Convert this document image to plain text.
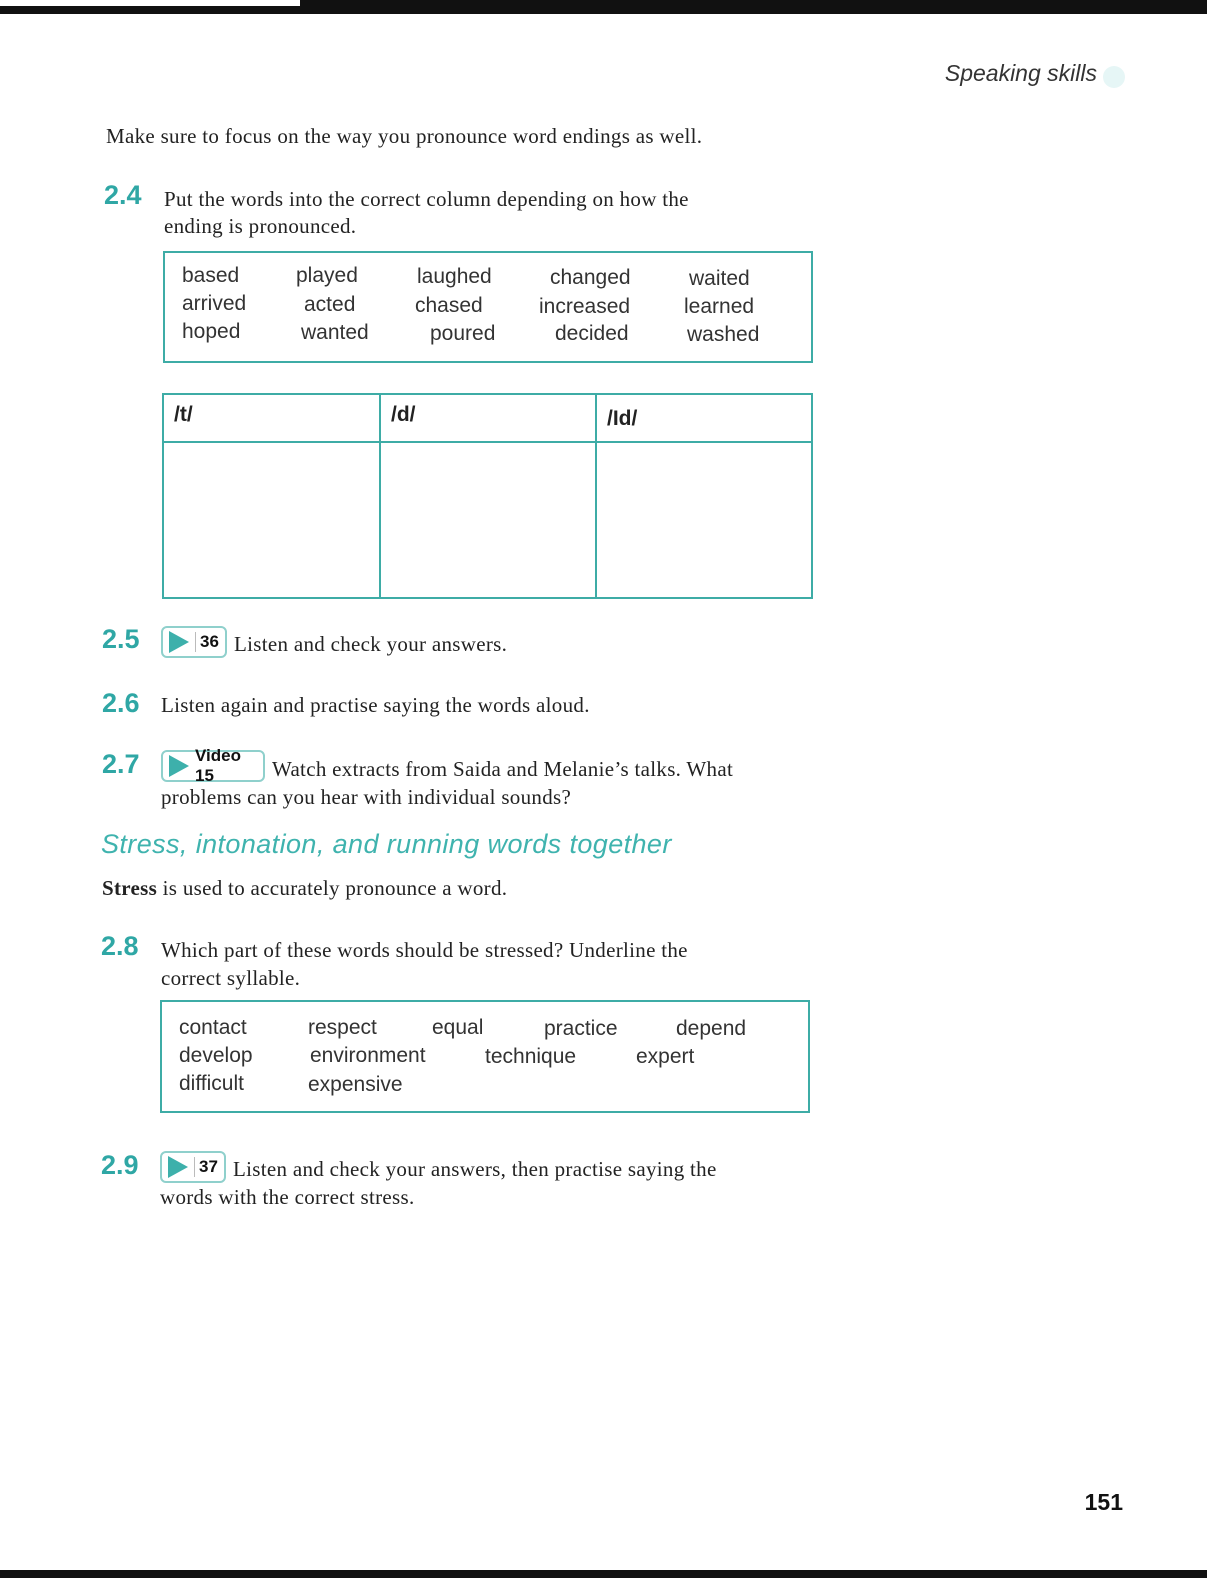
Speaking skills
Make sure to focus on the way you pronounce word endings as well.
2.4 Put the words into the correct column depending on how the
ending is pronounced.
based	played	laughed	changed	waited
arrived	acted	chased	increased	learned
hoped	wanted	poured	decided	washed
/t/	/d/	/Id/
2.5	36 Listen and check your answers.
2.6 Listen again and practise saying the words aloud.
2.7	Video 15	Watch extracts from Saida and Melanie’s talks. What
problems can you hear with individual sounds?
Stress, intonation, and running words together
Stress is used to accurately pronounce a word.
2.8 Which part of these words should be stressed? Underline the
correct syllable.
contact	respect	equal	practice	depend
develop	environment	technique	expert
difficult	expensive
2.9	37 Listen and check your answers, then practise saying the
words with the correct stress.
151
